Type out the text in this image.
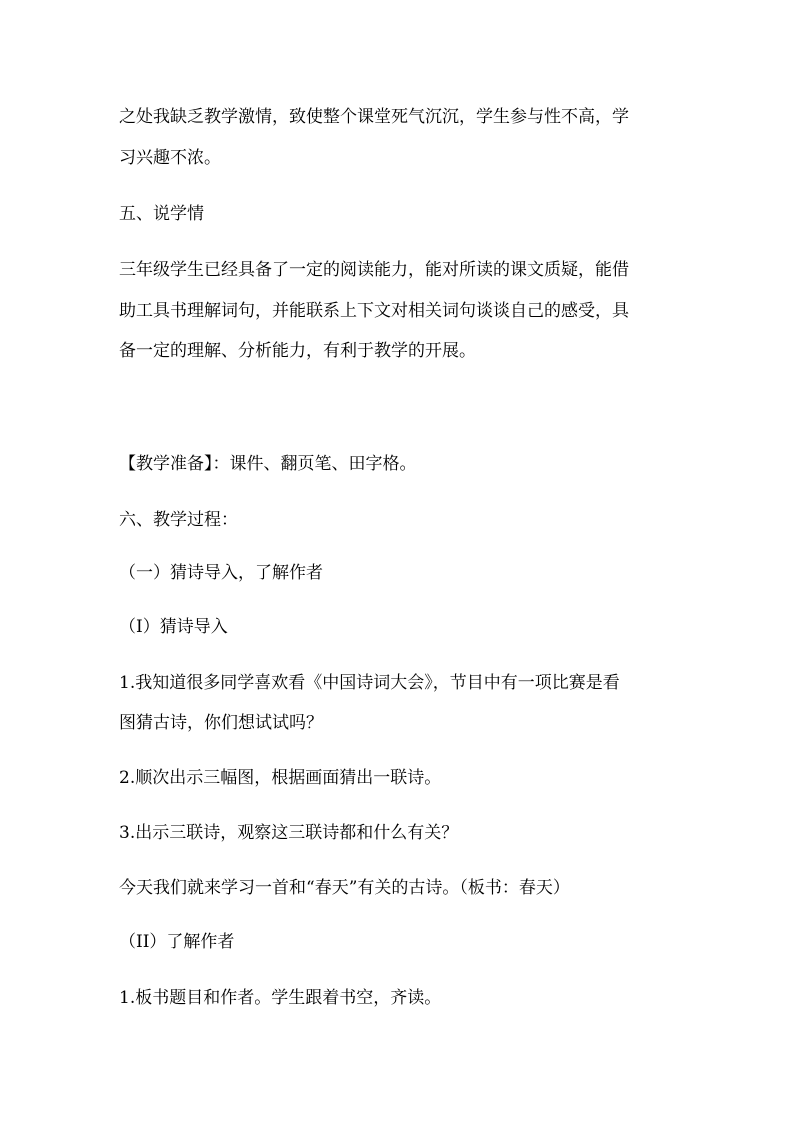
之处我缺乏教学激情，致使整个课堂死气沉沉，学生参与性不高，学
习兴趣不浓。
五、说学情
三年级学生已经具备了一定的阅读能力，能对所读的课文质疑，能借
助工具书理解词句，并能联系上下文对相关词句谈谈自己的感受，具
备一定的理解、分析能力，有利于教学的开展。
【教学准备】：课件、翻页笔、田字格。
六、教学过程：
（一）猜诗导入，了解作者
（I）猜诗导入
1.我知道很多同学喜欢看《中国诗词大会》，节目中有一项比赛是看
图猜古诗，你们想试试吗？
2.顺次出示三幅图，根据画面猜出一联诗。
3.出示三联诗，观察这三联诗都和什么有关？
今天我们就来学习一首和“春天”有关的古诗。（板书：春天）
（II）了解作者
1.板书题目和作者。学生跟着书空，齐读。
